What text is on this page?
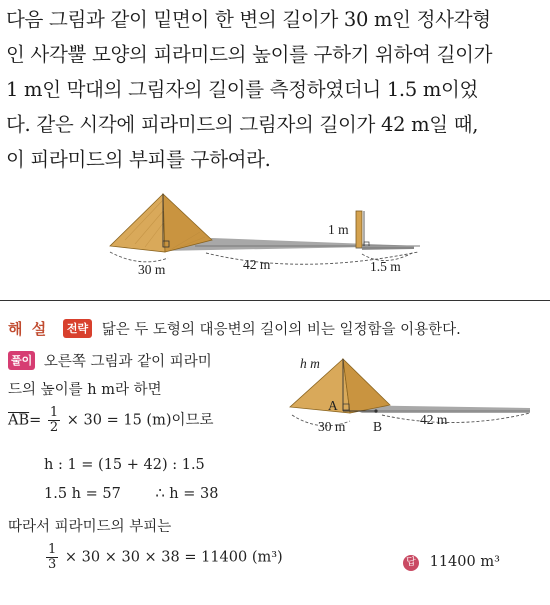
다음 그림과 같이 밑면이 한 변의 길이가 30 m인 정사각형
인 사각뿔 모양의 피라미드의 높이를 구하기 위하여 길이가
1 m인 막대의 그림자의 길이를 측정하였더니 1.5 m이었
다. 같은 시각에 피라미드의 그림자의 길이가 42 m일 때,
이 피라미드의 부피를 구하여라.
30 m	42 m
1 m
1.5 m
해 설 전략 닮은 두 도형의 대응변의 길이의 비는 일정함을 이용한다.
풀이 오른쪽 그림과 같이 피라미
드의 높이를 h m라 하면
$\overline{AB}= \frac{1}{2} \times 30 = 15$ (m)이므로
h : 1 = (15 + 42) : 1.5
1.5 h = 57 ∴ h = 38
따라서 피라미드의 부피는
$\frac{1}{3} \times 30 \times 30 \times 38 = 11400$ (m³)	답 11400 m³
h m
A
B
30 m	42 m
